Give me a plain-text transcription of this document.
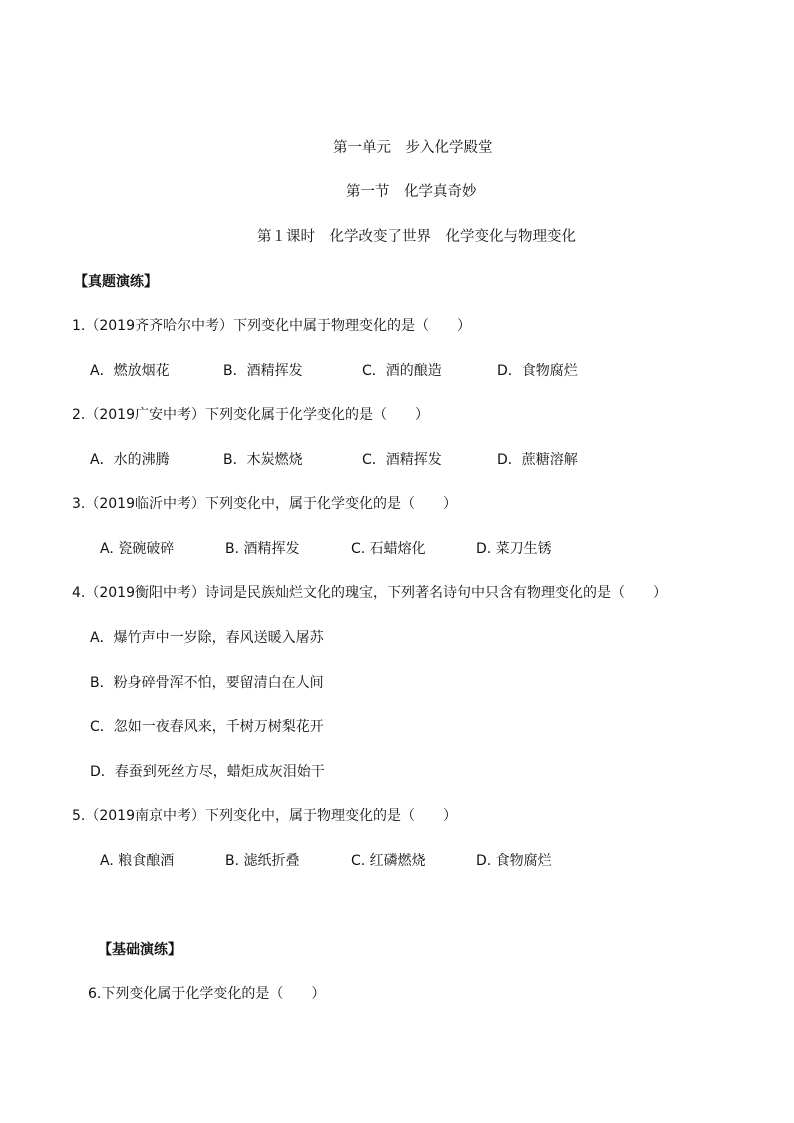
第一单元　步入化学殿堂
第一节　化学真奇妙
第１课时　化学改变了世界　化学变化与物理变化
【真题演练】
1.（2019齐齐哈尔中考）下列变化中属于物理变化的是（　　）
A．燃放烟花	B．酒精挥发	C．酒的酿造	D．食物腐烂
2.（2019广安中考）下列变化属于化学变化的是（　　）
A．水的沸腾	B．木炭燃烧	C．酒精挥发	D．蔗糖溶解
3.（2019临沂中考）下列变化中，属于化学变化的是（　　）
A. 瓷碗破碎	B. 酒精挥发	C. 石蜡熔化	D. 菜刀生锈
4.（2019衡阳中考）诗词是民族灿烂文化的瑰宝，下列著名诗句中只含有物理变化的是（　　）
A．爆竹声中一岁除，春风送暖入屠苏
B．粉身碎骨浑不怕，要留清白在人间
C．忽如一夜春风来，千树万树梨花开
D．春蚕到死丝方尽，蜡炬成灰泪始干
5.（2019南京中考）下列变化中，属于物理变化的是（　　）
A. 粮食酿酒	B. 滤纸折叠	C. 红磷燃烧	D. 食物腐烂
【基础演练】
6.下列变化属于化学变化的是（　　）
